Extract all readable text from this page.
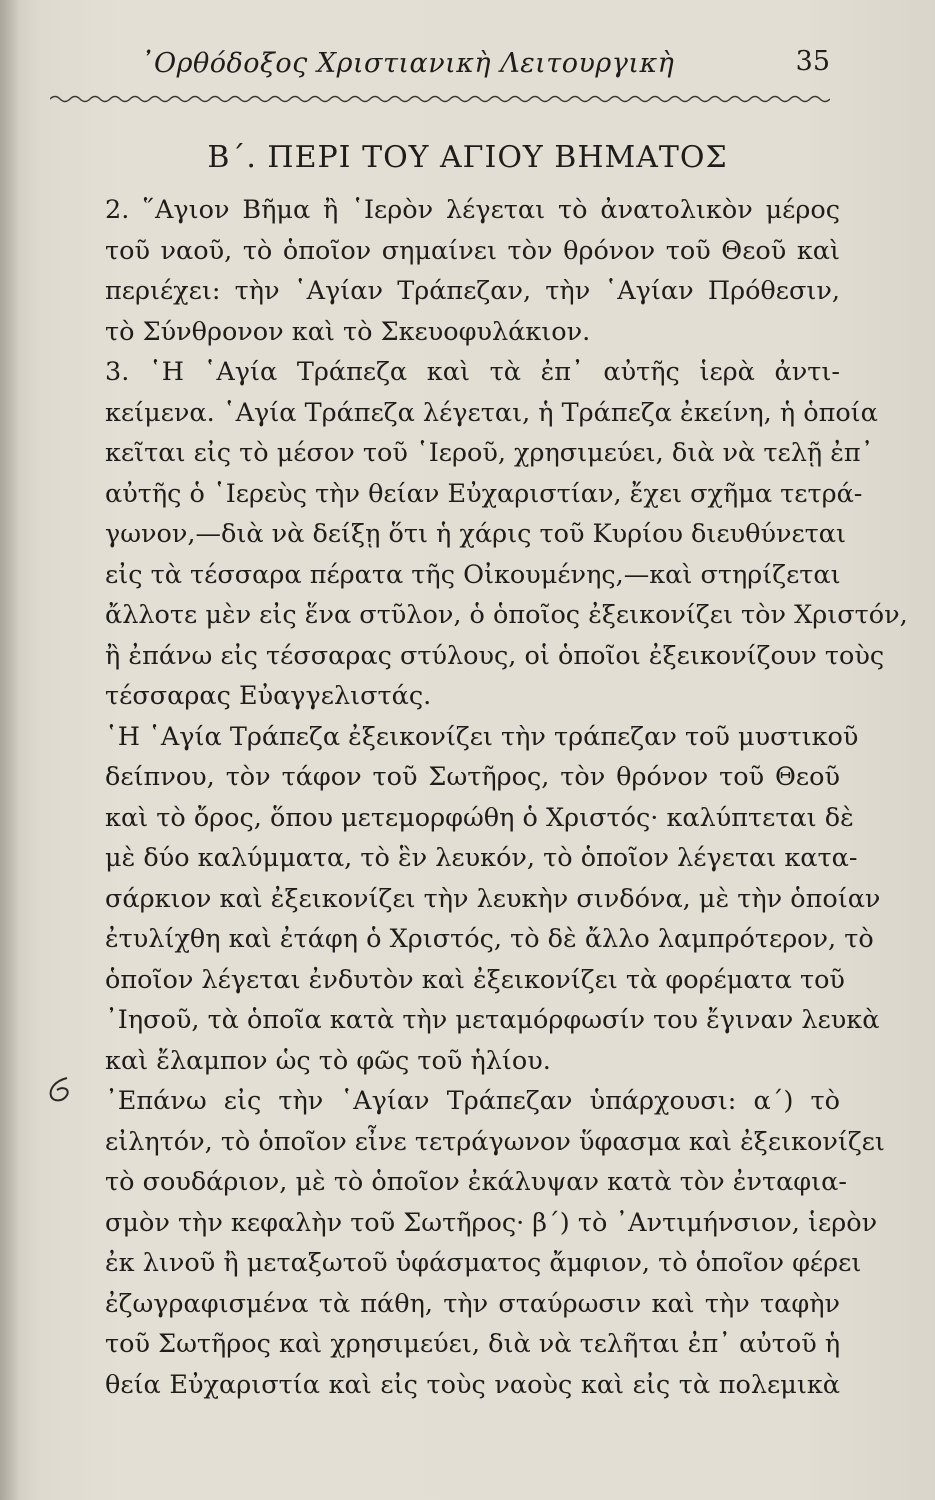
᾿Ορθόδοξος Χριστιανικὴ Λειτουργικὴ	35
Β΄. ΠΕΡΙ ΤΟΥ ΑΓΙΟΥ ΒΗΜΑΤΟΣ
2. ῞Αγιον Βῆμα ἢ ῾Ιερὸν λέγεται τὸ ἀνατολικὸν μέρος
τοῦ ναοῦ, τὸ ὁποῖον σημαίνει τὸν θρόνον τοῦ Θεοῦ καὶ
περιέχει: τὴν ῾Αγίαν Τράπεζαν, τὴν ῾Αγίαν Πρόθεσιν,
τὸ Σύνθρονον καὶ τὸ Σκευοφυλάκιον.
3. ῾Η ῾Αγία Τράπεζα καὶ τὰ ἐπ᾿ αὐτῆς ἱερὰ ἀντι-
κείμενα. ῾Αγία Τράπεζα λέγεται, ἡ Τράπεζα ἐκείνη, ἡ ὁποία
κεῖται εἰς τὸ μέσον τοῦ ῾Ιεροῦ, χρησιμεύει, διὰ νὰ τελῇ ἐπ᾿
αὐτῆς ὁ ῾Ιερεὺς τὴν θείαν Εὐχαριστίαν, ἔχει σχῆμα τετρά-
γωνον,—διὰ νὰ δείξῃ ὅτι ἡ χάρις τοῦ Κυρίου διευθύνεται
εἰς τὰ τέσσαρα πέρατα τῆς Οἰκουμένης,—καὶ στηρίζεται
ἄλλοτε μὲν εἰς ἕνα στῦλον, ὁ ὁποῖος ἐξεικονίζει τὸν Χριστόν,
ἢ ἐπάνω εἰς τέσσαρας στύλους, οἱ ὁποῖοι ἐξεικονίζουν τοὺς
τέσσαρας Εὐαγγελιστάς.
῾Η ῾Αγία Τράπεζα ἐξεικονίζει τὴν τράπεζαν τοῦ μυστικοῦ
δείπνου, τὸν τάφον τοῦ Σωτῆρος, τὸν θρόνον τοῦ Θεοῦ
καὶ τὸ ὄρος, ὅπου μετεμορφώθη ὁ Χριστός· καλύπτεται δὲ
μὲ δύο καλύμματα, τὸ ἓν λευκόν, τὸ ὁποῖον λέγεται κατα-
σάρκιον καὶ ἐξεικονίζει τὴν λευκὴν σινδόνα, μὲ τὴν ὁποίαν
ἐτυλίχθη καὶ ἐτάφη ὁ Χριστός, τὸ δὲ ἄλλο λαμπρότερον, τὸ
ὁποῖον λέγεται ἐνδυτὸν καὶ ἐξεικονίζει τὰ φορέματα τοῦ
᾿Ιησοῦ, τὰ ὁποῖα κατὰ τὴν μεταμόρφωσίν του ἔγιναν λευκὰ
καὶ ἔλαμπον ὡς τὸ φῶς τοῦ ἡλίου.
᾿Επάνω εἰς τὴν ῾Αγίαν Τράπεζαν ὑπάρχουσι: α΄) τὸ
εἰλητόν, τὸ ὁποῖον εἶνε τετράγωνον ὕφασμα καὶ ἐξεικονίζει
τὸ σουδάριον, μὲ τὸ ὁποῖον ἐκάλυψαν κατὰ τὸν ἐνταφια-
σμὸν τὴν κεφαλὴν τοῦ Σωτῆρος· β΄) τὸ ᾿Αντιμήνσιον, ἱερὸν
ἐκ λινοῦ ἢ μεταξωτοῦ ὑφάσματος ἄμφιον, τὸ ὁποῖον φέρει
ἐζωγραφισμένα τὰ πάθη, τὴν σταύρωσιν καὶ τὴν ταφὴν
τοῦ Σωτῆρος καὶ χρησιμεύει, διὰ νὰ τελῆται ἐπ᾿ αὐτοῦ ἡ
θεία Εὐχαριστία καὶ εἰς τοὺς ναοὺς καὶ εἰς τὰ πολεμικὰ
